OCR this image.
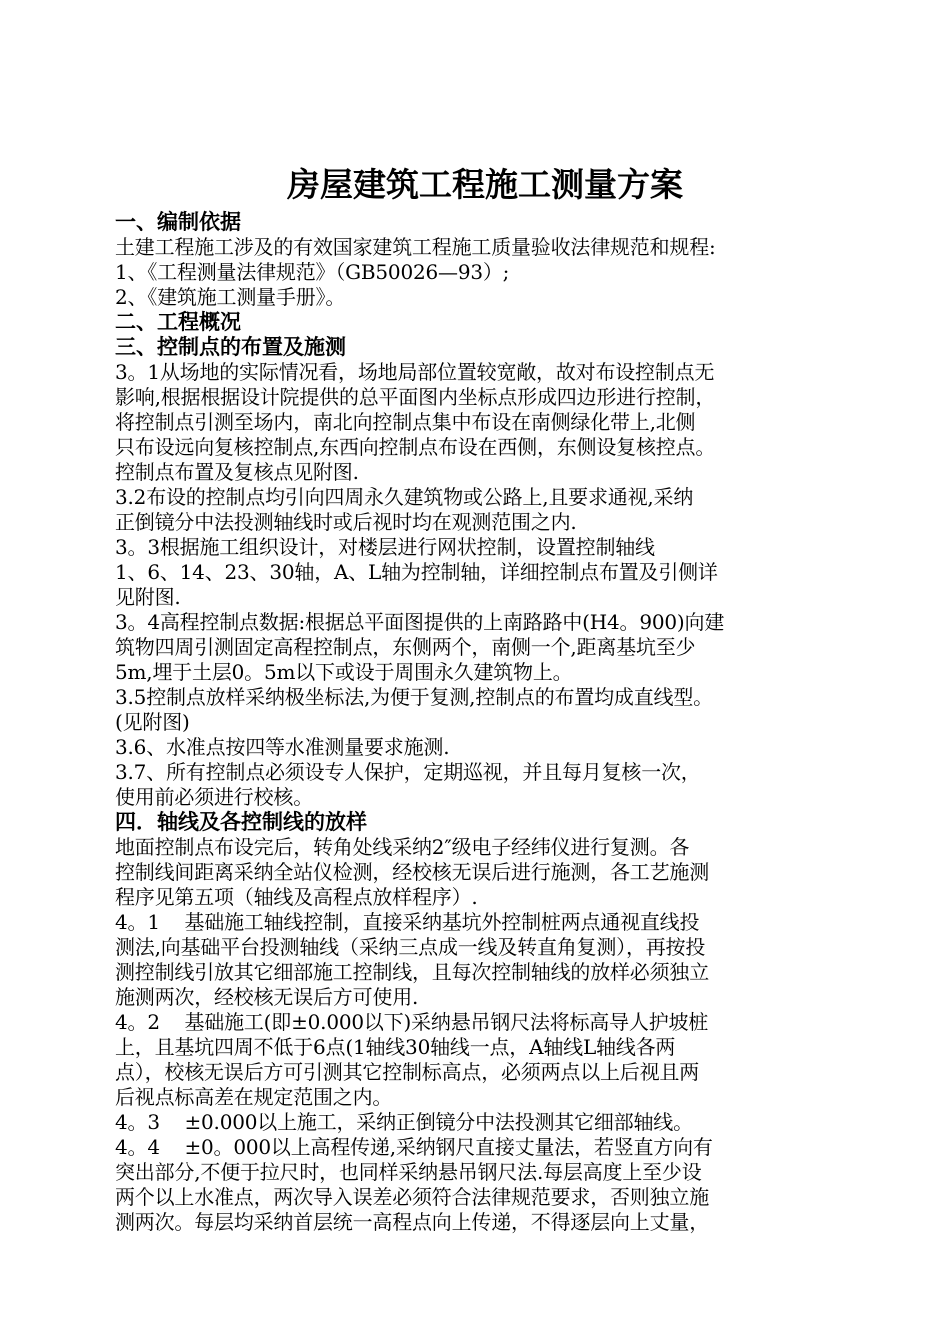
房屋建筑工程施工测量方案
一、编制依据
土建工程施工涉及的有效国家建筑工程施工质量验收法律规范和规程:
1、《工程测量法律规范》（GB50026—93）;
2、《建筑施工测量手册》。
二、工程概况
三、控制点的布置及施测
3。1从场地的实际情况看，场地局部位置较宽敞，故对布设控制点无
影响,根据根据设计院提供的总平面图内坐标点形成四边形进行控制，
将控制点引测至场内，南北向控制点集中布设在南侧绿化带上,北侧
只布设远向复核控制点,东西向控制点布设在西侧，东侧设复核控点。
控制点布置及复核点见附图.
3.2布设的控制点均引向四周永久建筑物或公路上,且要求通视,采纳
正倒镜分中法投测轴线时或后视时均在观测范围之内.
3。3根据施工组织设计，对楼层进行网状控制，设置控制轴线
1、6、14、23、30轴，A、L轴为控制轴，详细控制点布置及引侧详
见附图.
3。4高程控制点数据:根据总平面图提供的上南路路中(H4。900)向建
筑物四周引测固定高程控制点，东侧两个，南侧一个,距离基坑至少
5m,埋于土层0。5m以下或设于周围永久建筑物上。
3.5控制点放样采纳极坐标法,为便于复测,控制点的布置均成直线型。
(见附图)
3.6、水准点按四等水准测量要求施测.
3.7、所有控制点必须设专人保护，定期巡视，并且每月复核一次，
使用前必须进行校核。
四．轴线及各控制线的放样
地面控制点布设完后，转角处线采纳2″级电子经纬仪进行复测。各
控制线间距离采纳全站仪检测，经校核无误后进行施测，各工艺施测
程序见第五项（轴线及高程点放样程序）.
4。1    基础施工轴线控制，直接采纳基坑外控制桩两点通视直线投
测法,向基础平台投测轴线（采纳三点成一线及转直角复测），再按投
测控制线引放其它细部施工控制线，且每次控制轴线的放样必须独立
施测两次，经校核无误后方可使用.
4。2    基础施工(即±0.000以下)采纳悬吊钢尺法将标高导人护坡桩
上，且基坑四周不低于6点(1轴线30轴线一点，A轴线L轴线各两
点），校核无误后方可引测其它控制标高点，必须两点以上后视且两
后视点标高差在规定范围之内。
4。3    ±0.000以上施工，采纳正倒镜分中法投测其它细部轴线。
4。4    ±0。000以上高程传递,采纳钢尺直接丈量法，若竖直方向有
突出部分,不便于拉尺时，也同样采纳悬吊钢尺法.每层高度上至少设
两个以上水准点，两次导入误差必须符合法律规范要求，否则独立施
测两次。每层均采纳首层统一高程点向上传递，不得逐层向上丈量，
